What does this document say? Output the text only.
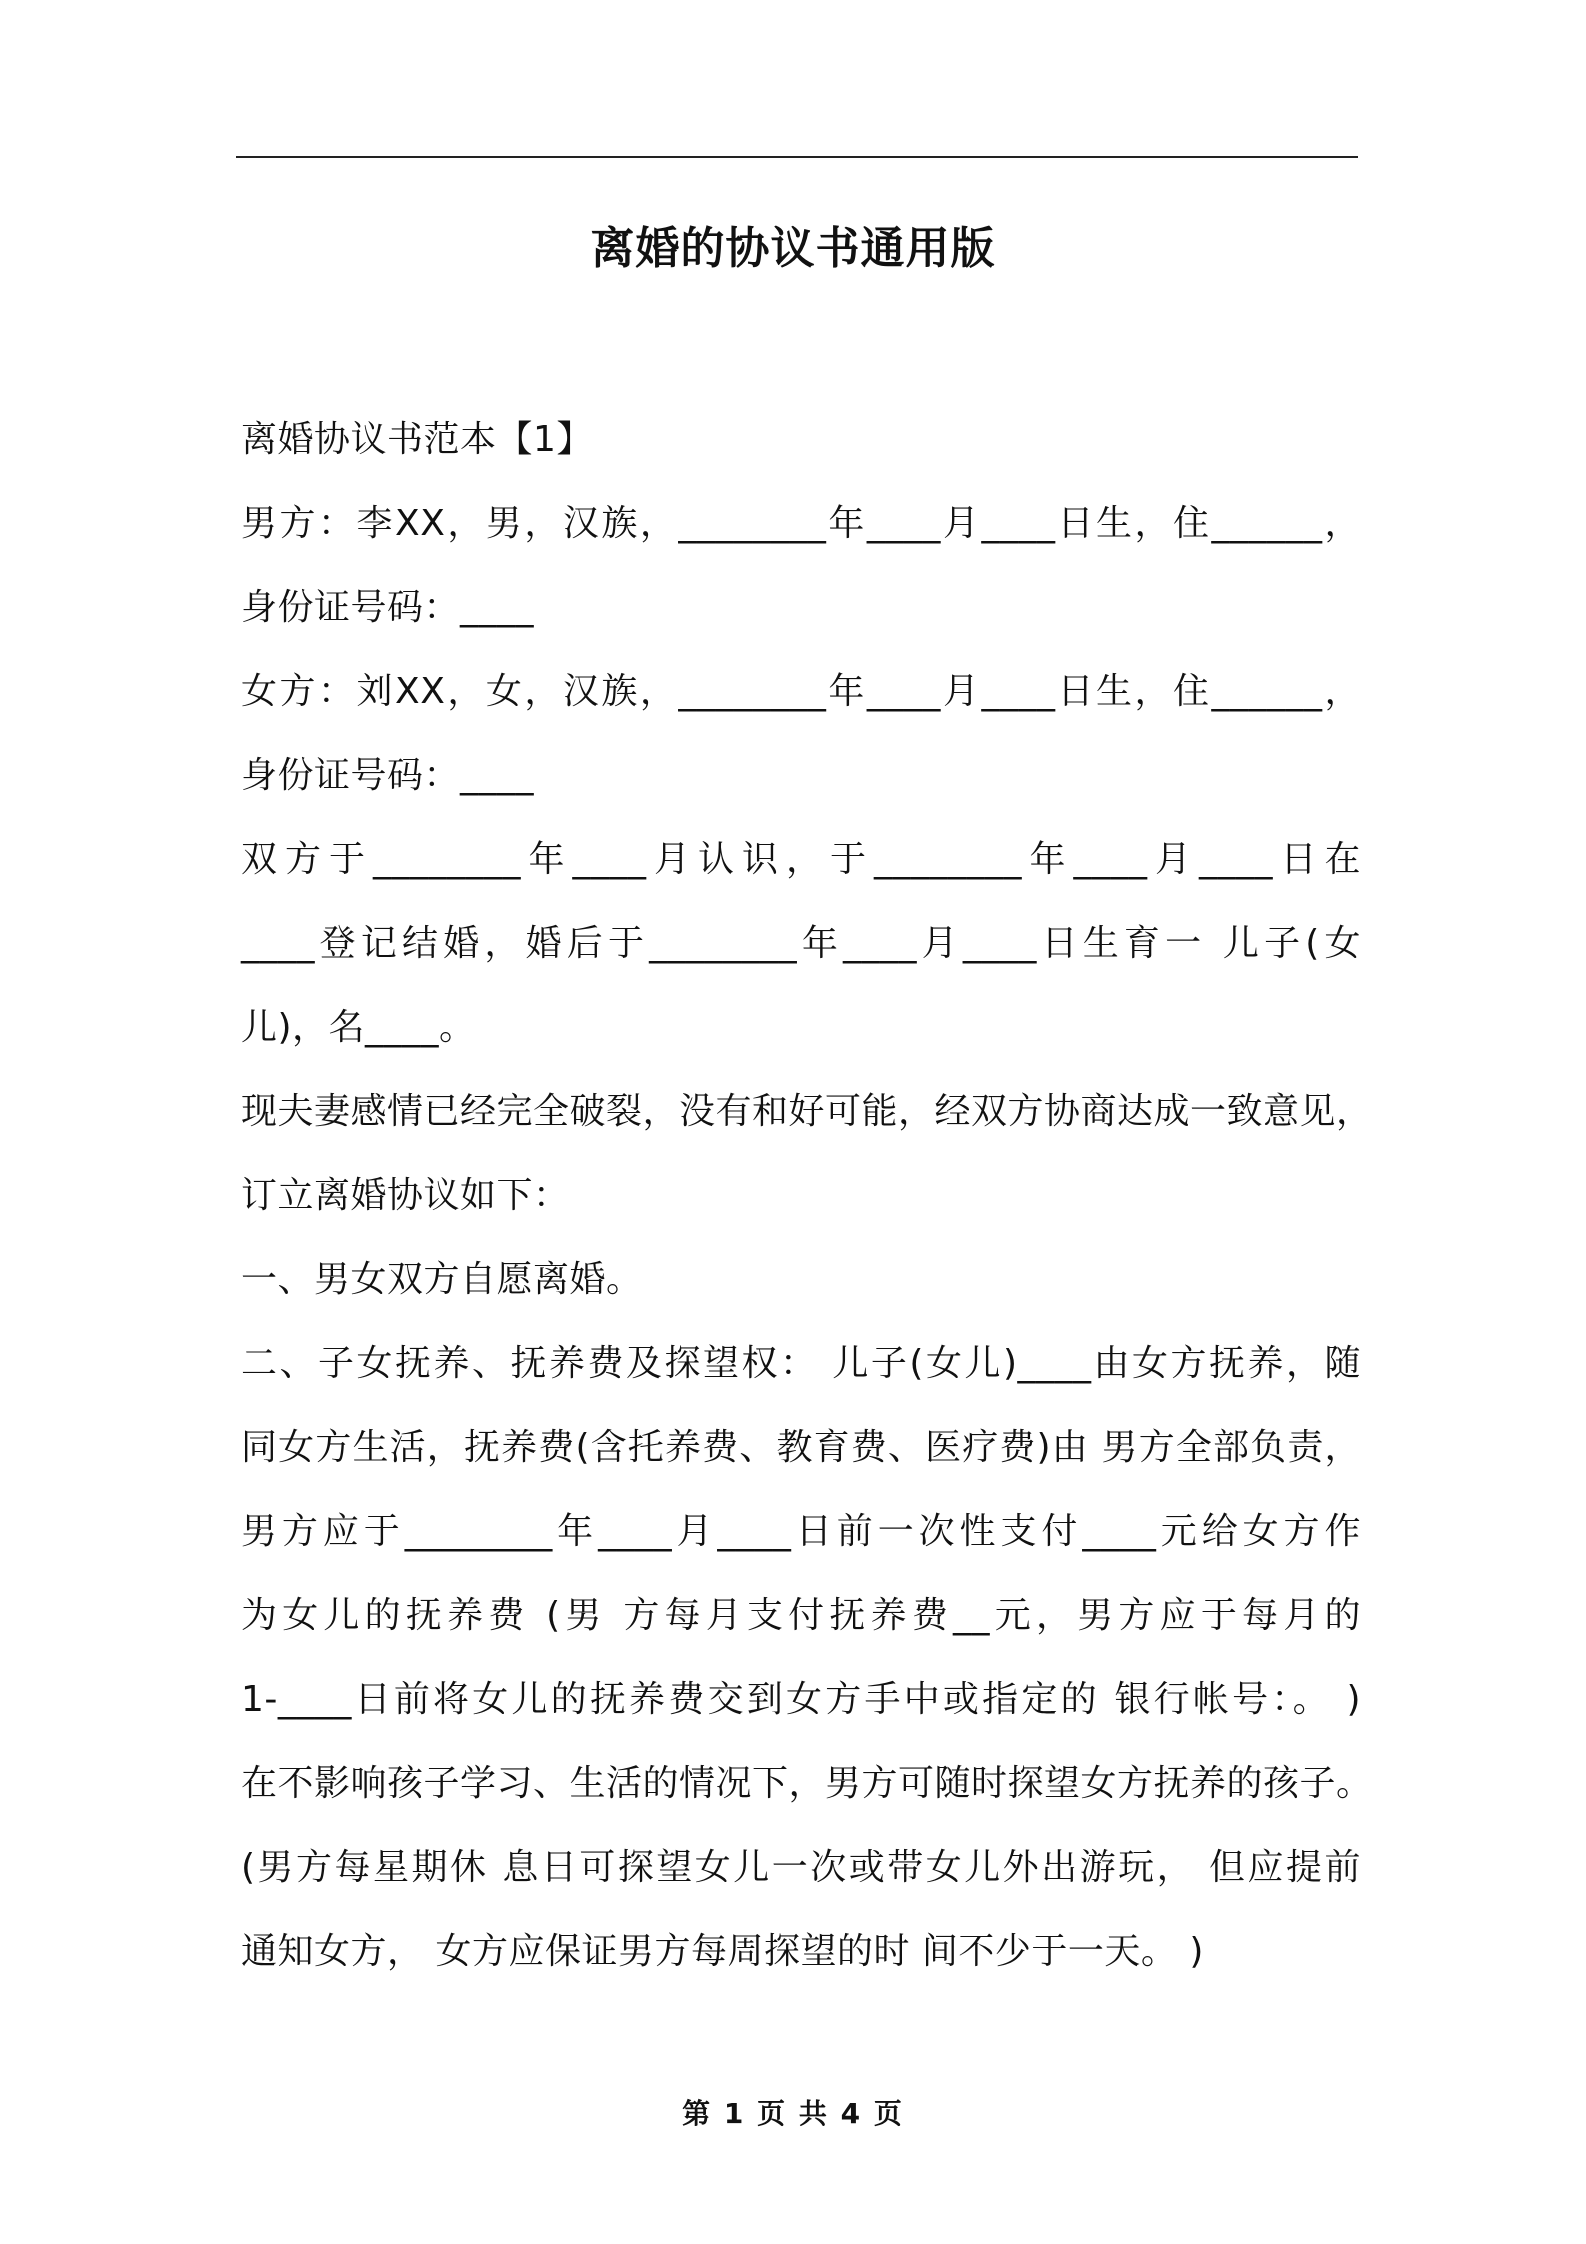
离婚的协议书通用版
离婚协议书范本【1】
男方：李XX，男，汉族，________年____月____日生，住______，
身份证号码：____
女方：刘XX，女，汉族，________年____月____日生，住______，
身份证号码：____
双方于________年____月认识，于________年____月____日在
____登记结婚，婚后于________年____月____日生育一 儿子(女
儿)，名____。
现夫妻感情已经完全破裂，没有和好可能，经双方协商达成一致意见，
订立离婚协议如下：
一、男女双方自愿离婚。
二、子女抚养、抚养费及探望权： 儿子(女儿)____由女方抚养，随
同女方生活，抚养费(含托养费、教育费、医疗费)由 男方全部负责，
男方应于________年____月____日前一次性支付____元给女方作
为女儿的抚养费 (男 方每月支付抚养费__元，男方应于每月的
1-____日前将女儿的抚养费交到女方手中或指定的 银行帐号：。 )
在不影响孩子学习、生活的情况下，男方可随时探望女方抚养的孩子。
(男方每星期休 息日可探望女儿一次或带女儿外出游玩， 但应提前
通知女方， 女方应保证男方每周探望的时 间不少于一天。 )
第 1 页 共 4 页
